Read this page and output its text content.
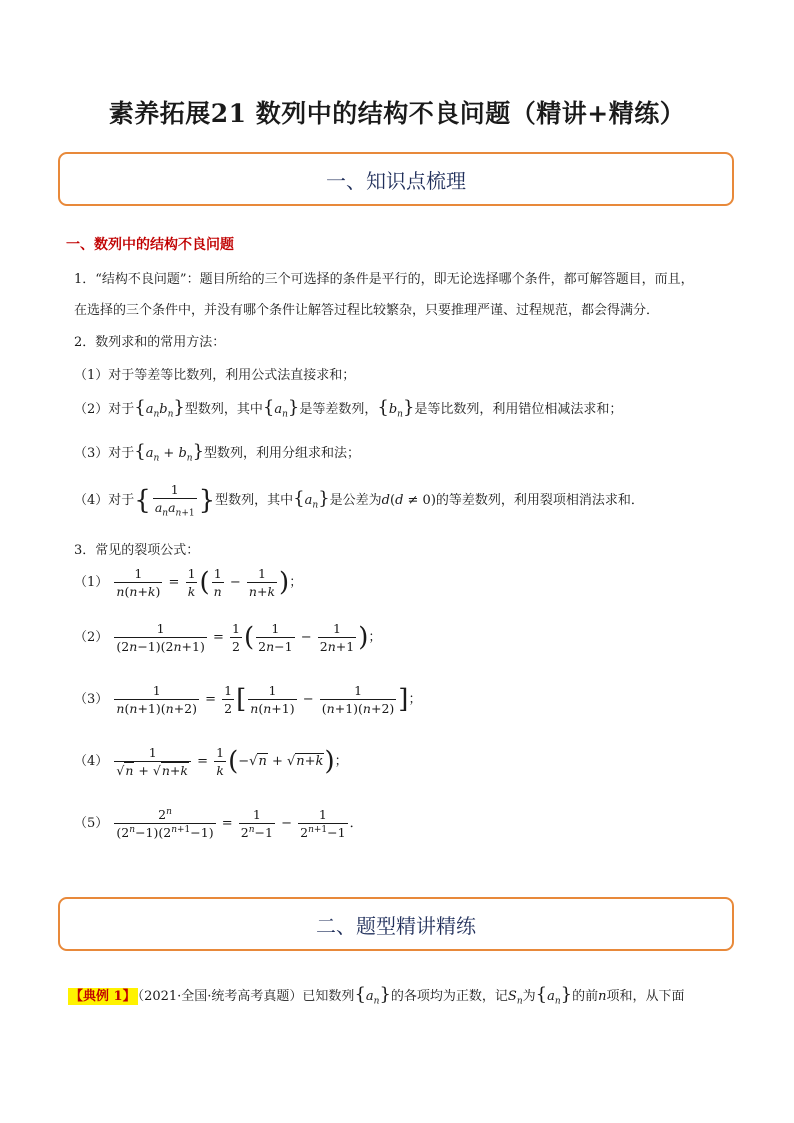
素养拓展21 数列中的结构不良问题（精讲+精练）
一、知识点梳理
一、数列中的结构不良问题
1．“结构不良问题”：题目所给的三个可选择的条件是平行的，即无论选择哪个条件，都可解答题目，而且，
在选择的三个条件中，并没有哪个条件让解答过程比较繁杂，只要推理严谨、过程规范，都会得满分．
2．数列求和的常用方法：
（1）对于等差等比数列，利用公式法直接求和；
（2）对于$\{a_nb_n\}$型数列，其中$\{a_n\}$是等差数列，$\{b_n\}$是等比数列，利用错位相减法求和；
（3）对于$\{a_n + b_n\}$型数列，利用分组求和法；
（4）对于{ $\frac{1}{a_na_{n+1}}$ }型数列，其中$\{a_n\}$是公差为d(d ≠ 0)的等差数列，利用裂项相消法求和．
3．常见的裂项公式：
$(1) \frac{1}{n(n+k)} = \frac{1}{k}$ ( $\frac{1}{n} - \frac{1}{n+k}$ )；
$(2) \frac{1}{(2n-1)(2n+1)} = \frac{1}{2}$ ( $\frac{1}{2n-1} - \frac{1}{2n+1}$ )；
$(3) \frac{1}{n(n+1)(n+2)} = \frac{1}{2}$ [ $\frac{1}{n(n+1)} - \frac{1}{(n+1)(n+2)}$ ]；
$(4) \frac{1}{√n + √n+k} = \frac{1}{k} (-√n + √n+k)$；
$(5) \frac{2^n}{(2^n-1)(2^{n+1}-1)} = \frac{1}{2^n-1} - \frac{1}{2^{n+1}-1}$ ．
二、题型精讲精练
【典例 1】 （2021·全国·统考高考真题）已知数列$\{a_n\}$的各项均为正数，记$S_n$为$\{a_n\}$的前n项和，从下面
